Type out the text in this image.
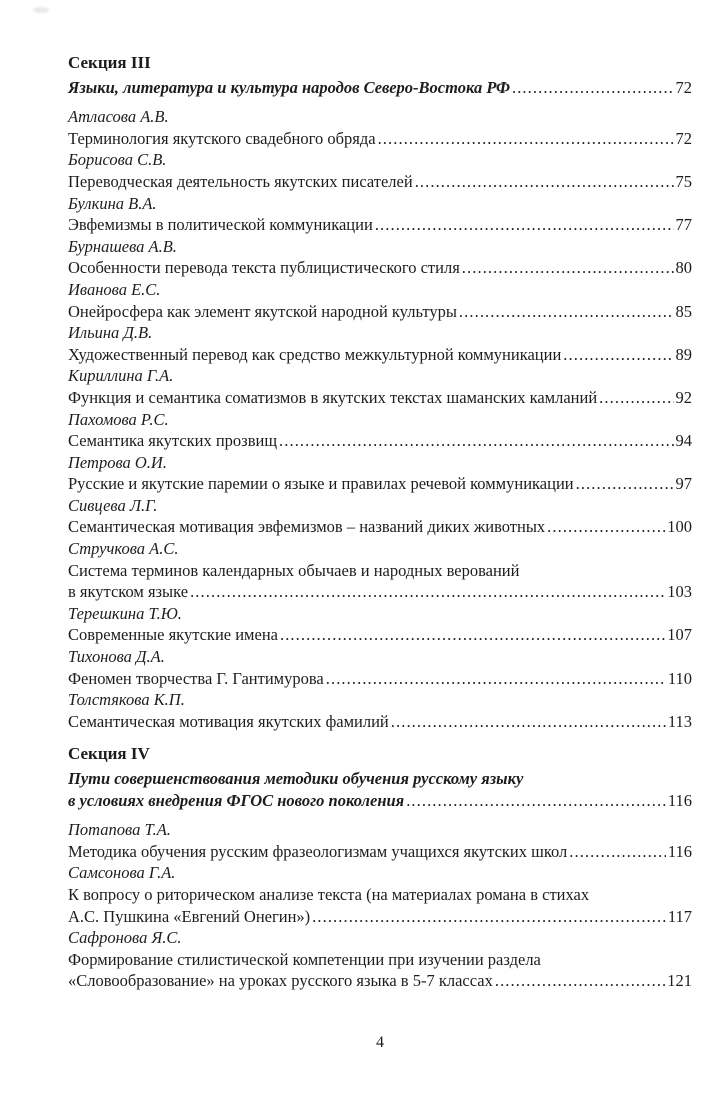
Секция III
Языки, литература и культура народов Северо-Востока РФ .....	72
Атласова А.В.
Терминология якутского свадебного обряда .....	72
Борисова С.В.
Переводческая деятельность якутских писателей .....	75
Булкина В.А.
Эвфемизмы в политической коммуникации .....	77
Бурнашева А.В.
Особенности перевода текста публицистического стиля .....	80
Иванова Е.С.
Онейросфера как элемент якутской народной культуры .....	85
Ильина Д.В.
Художественный перевод как средство межкультурной коммуникации .....	89
Кириллина Г.А.
Функция и семантика соматизмов в якутских текстах шаманских камланий .....	92
Пахомова Р.С.
Семантика якутских прозвищ .....	94
Петрова О.И.
Русские и якутские паремии о языке и правилах речевой коммуникации .....	97
Сивцева Л.Г.
Семантическая мотивация эвфемизмов – названий диких животных .....	100
Стручкова А.С.
Система терминов календарных обычаев и народных верований
в якутском языке .....	103
Терешкина Т.Ю.
Современные якутские имена .....	107
Тихонова Д.А.
Феномен творчества Г. Гантимурова .....	110
Толстякова К.П.
Семантическая мотивация якутских фамилий .....	113
Секция IV
Пути совершенствования методики обучения русскому языку
в условиях внедрения ФГОС нового поколения .....	116
Потапова Т.А.
Методика обучения русским фразеологизмам учащихся якутских школ .....	116
Самсонова Г.А.
К вопросу о риторическом анализе текста (на материалах романа в стихах
А.С. Пушкина «Евгений Онегин») .....	117
Сафронова Я.С.
Формирование стилистической компетенции при изучении раздела
«Словообразование» на уроках русского языка в 5-7 классах .....	121
4
